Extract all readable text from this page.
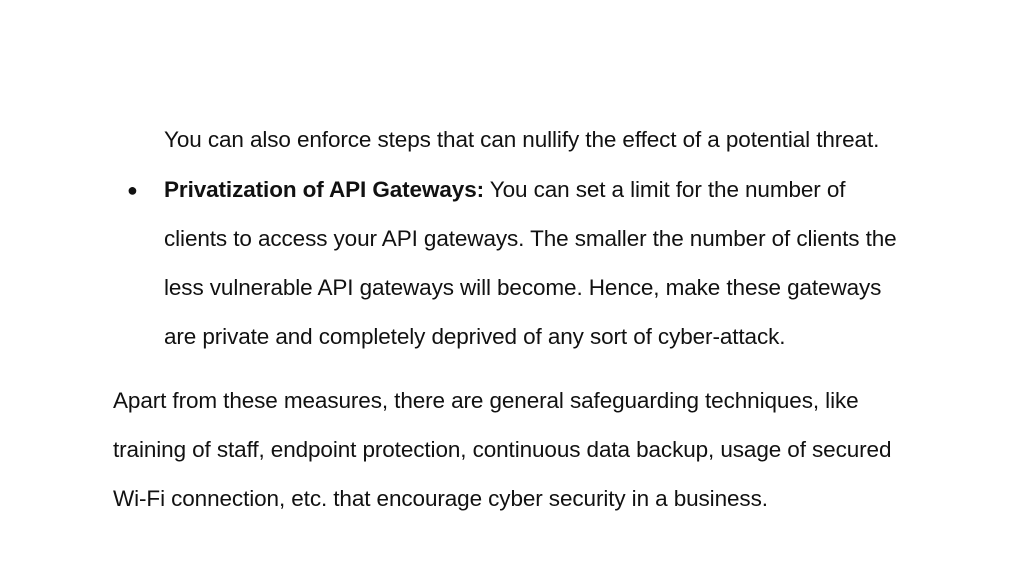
You can also enforce steps that can nullify the effect of a potential threat.
● Privatization of API Gateways: You can set a limit for the number of
clients to access your API gateways. The smaller the number of clients the
less vulnerable API gateways will become. Hence, make these gateways
are private and completely deprived of any sort of cyber-attack.
Apart from these measures, there are general safeguarding techniques, like
training of staff, endpoint protection, continuous data backup, usage of secured
Wi-Fi connection, etc. that encourage cyber security in a business.
